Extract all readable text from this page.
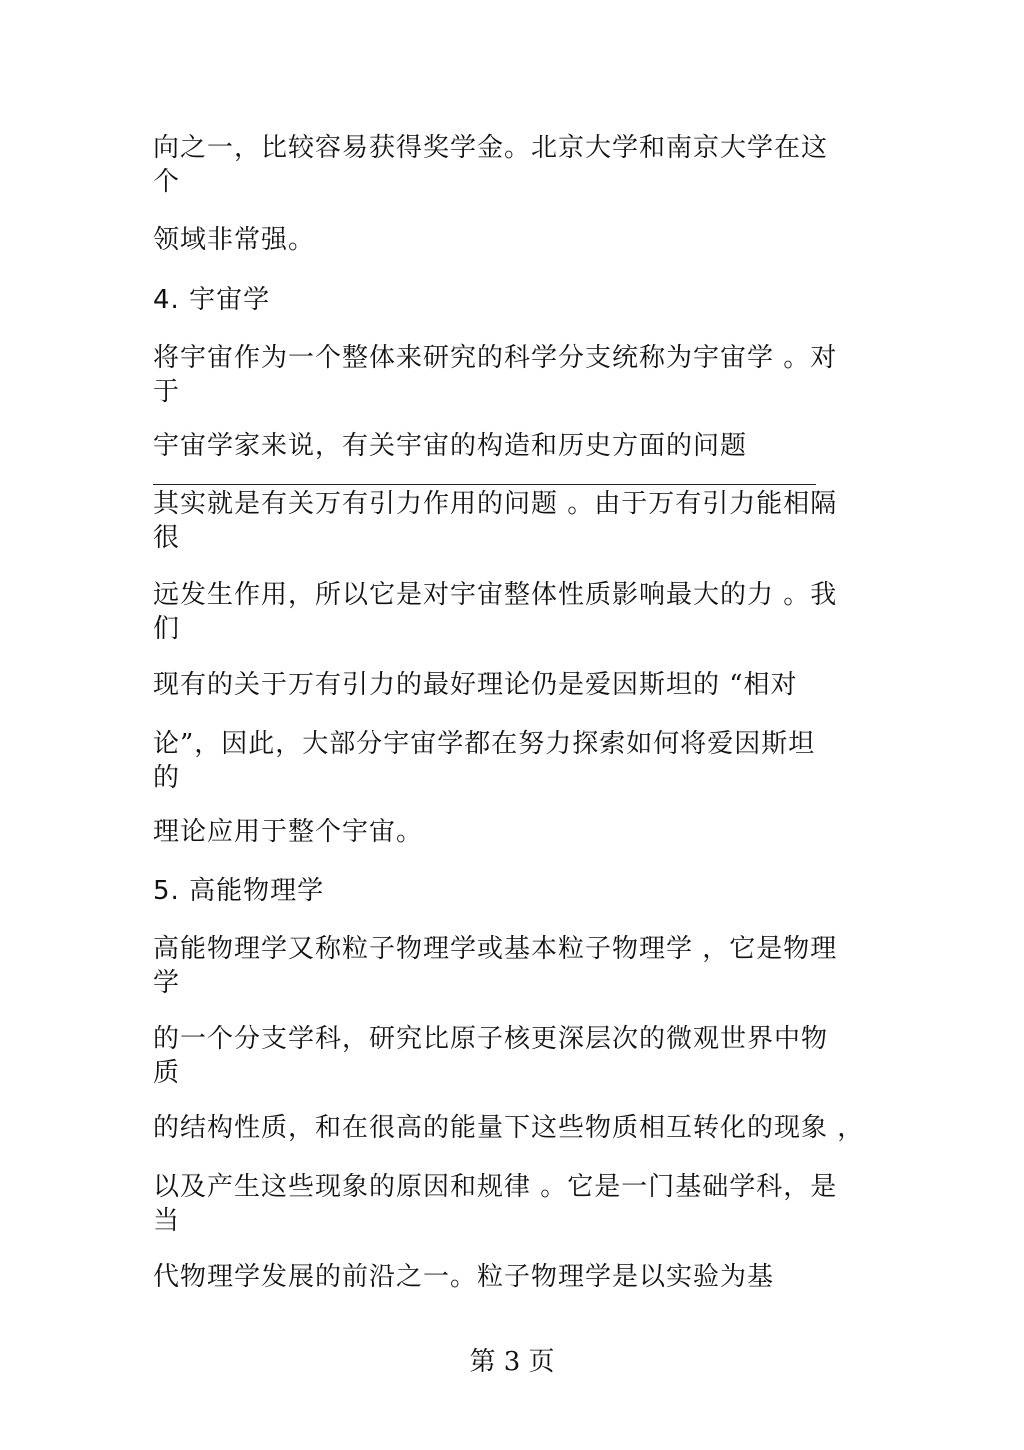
向之一，比较容易获得奖学金。北京大学和南京大学在这
个
领域非常强。
4. 宇宙学
将宇宙作为一个整体来研究的科学分支统称为宇宙学 。对
于
宇宙学家来说，有关宇宙的构造和历史方面的问题
其实就是有关万有引力作用的问题 。由于万有引力能相隔
很
远发生作用，所以它是对宇宙整体性质影响最大的力 。我
们
现有的关于万有引力的最好理论仍是爱因斯坦的 “相对
论”，因此，大部分宇宙学都在努力探索如何将爱因斯坦
的
理论应用于整个宇宙。
5. 高能物理学
高能物理学又称粒子物理学或基本粒子物理学 ，它是物理
学
的一个分支学科，研究比原子核更深层次的微观世界中物
质
的结构性质，和在很高的能量下这些物质相互转化的现象 ，
以及产生这些现象的原因和规律 。它是一门基础学科，是
当
代物理学发展的前沿之一。粒子物理学是以实验为基
第 3 页
